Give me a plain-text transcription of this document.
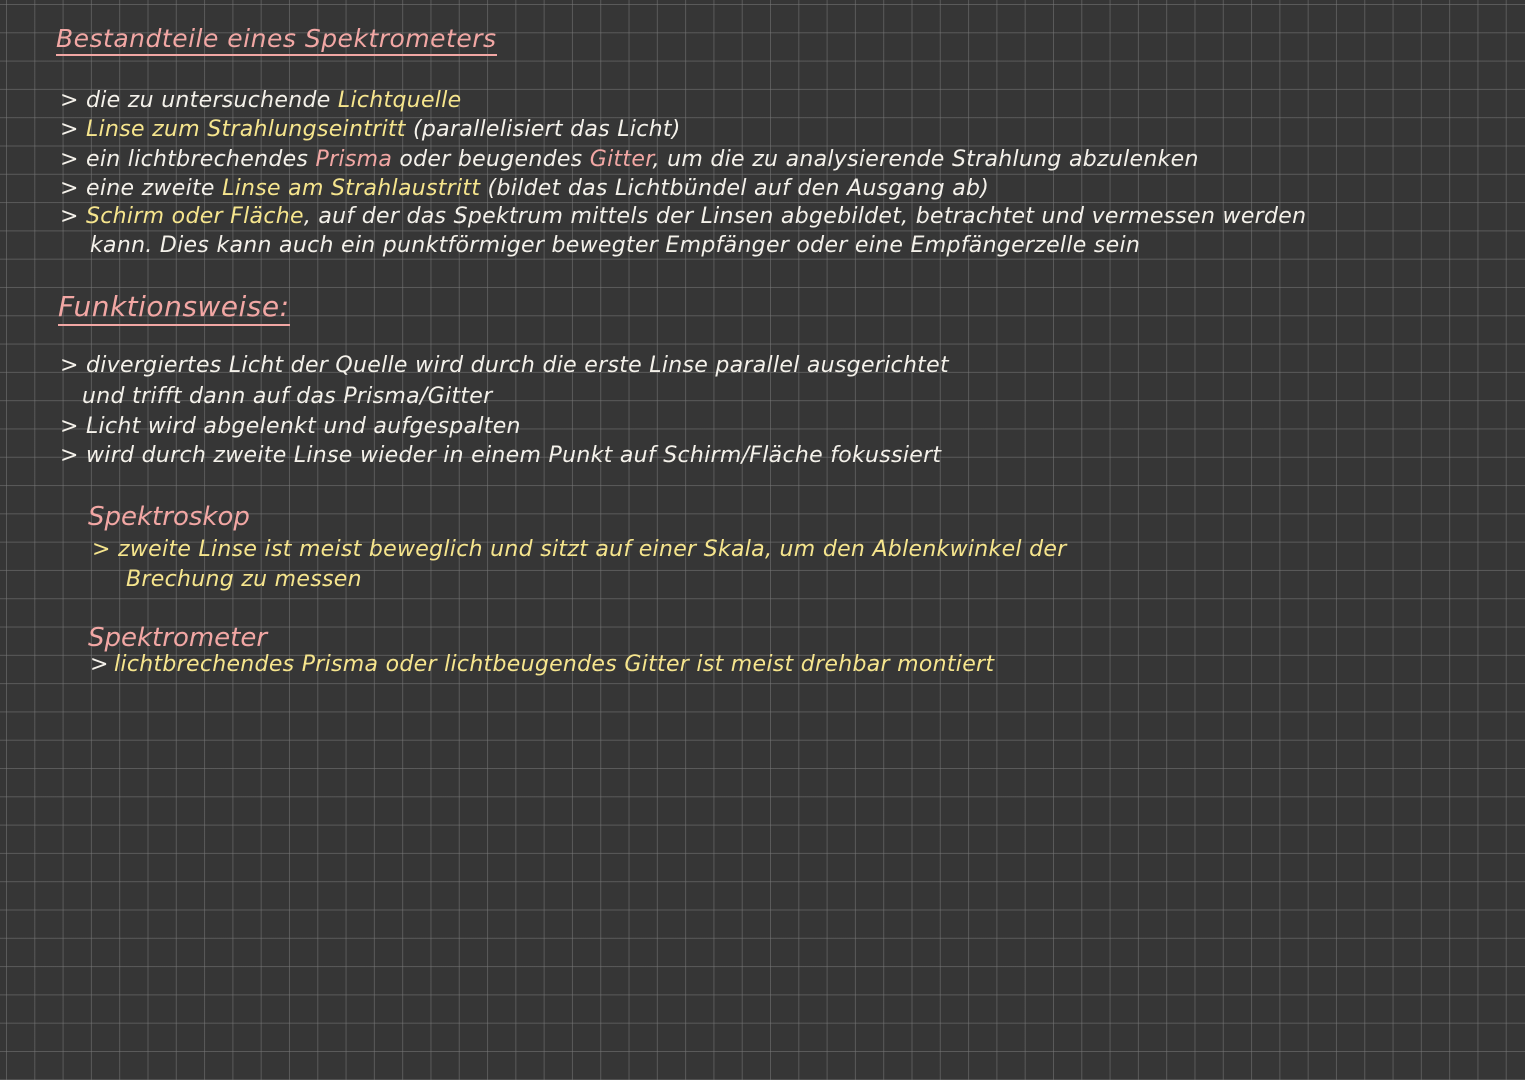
Bestandteile eines Spektrometers
> die zu untersuchende Lichtquelle
> Linse zum Strahlungseintritt (parallelisiert das Licht)
> ein lichtbrechendes Prisma oder beugendes Gitter, um die zu analysierende Strahlung abzulenken
> eine zweite Linse am Strahlaustritt (bildet das Lichtbündel auf den Ausgang ab)
> Schirm oder Fläche, auf der das Spektrum mittels der Linsen abgebildet, betrachtet und vermessen werden
kann. Dies kann auch ein punktförmiger bewegter Empfänger oder eine Empfängerzelle sein
Funktionsweise:
> divergiertes Licht der Quelle wird durch die erste Linse parallel ausgerichtet
und trifft dann auf das Prisma/Gitter
> Licht wird abgelenkt und aufgespalten
> wird durch zweite Linse wieder in einem Punkt auf Schirm/Fläche fokussiert
Spektroskop
> zweite Linse ist meist beweglich und sitzt auf einer Skala, um den Ablenkwinkel der
Brechung zu messen
Spektrometer
> lichtbrechendes Prisma oder lichtbeugendes Gitter ist meist drehbar montiert
